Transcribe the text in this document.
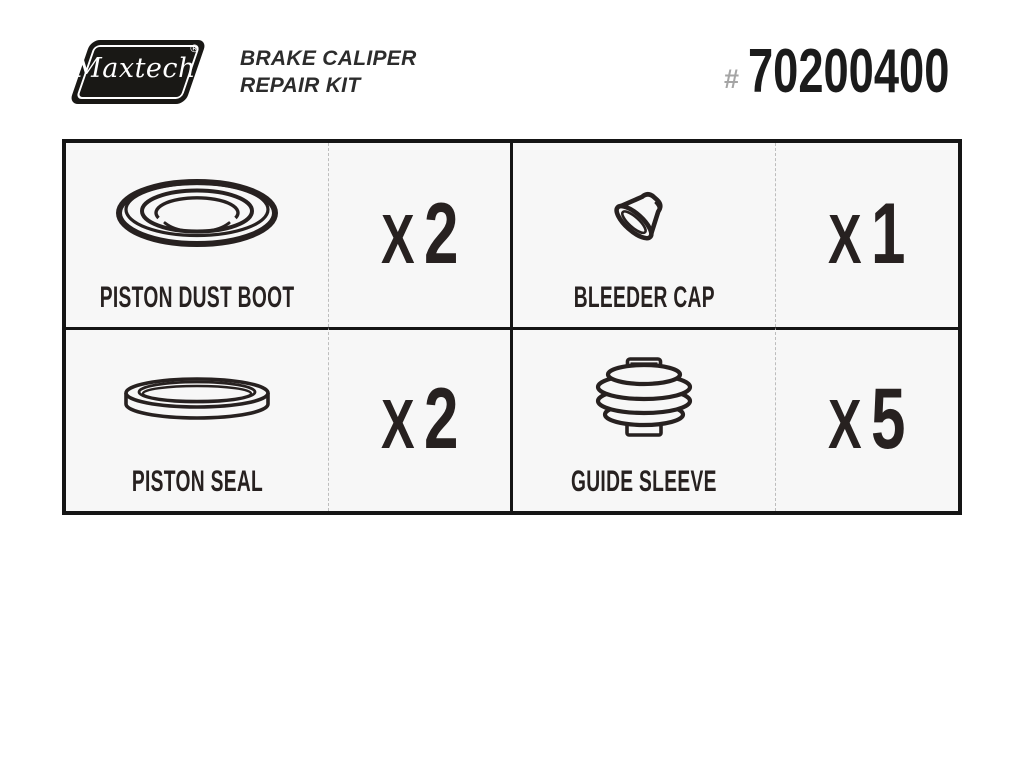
Maxtech
® BRAKE CALIPER
REPAIR KIT	# 70200400
PISTON DUST BOOT
X 2
BLEEDER CAP
X 1
PISTON SEAL
X 2
GUIDE SLEEVE
X 5
